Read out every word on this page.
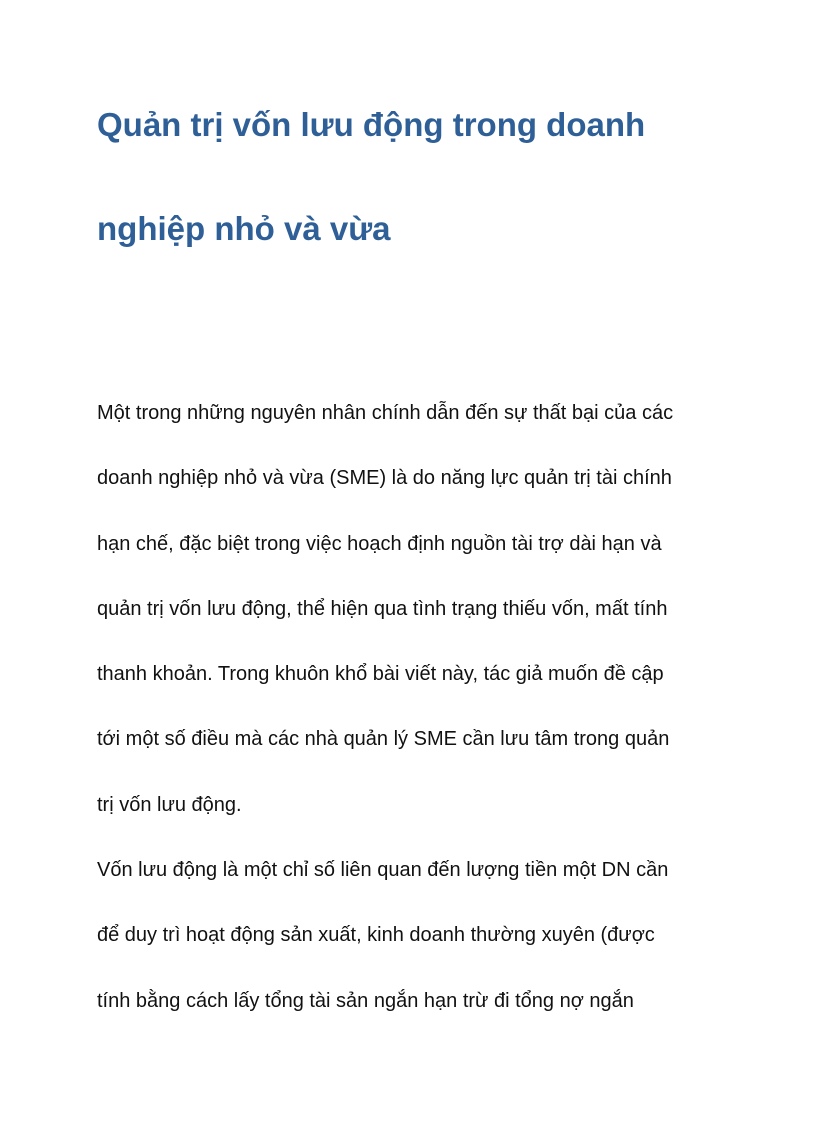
Quản trị vốn lưu động trong doanh
nghiệp nhỏ và vừa
Một trong những nguyên nhân chính dẫn đến sự thất bại của các
doanh nghiệp nhỏ và vừa (SME) là do năng lực quản trị tài chính
hạn chế, đặc biệt trong việc hoạch định nguồn tài trợ dài hạn và
quản trị vốn lưu động, thể hiện qua tình trạng thiếu vốn, mất tính
thanh khoản. Trong khuôn khổ bài viết này, tác giả muốn đề cập
tới một số điều mà các nhà quản lý SME cần lưu tâm trong quản
trị vốn lưu động.
Vốn lưu động là một chỉ số liên quan đến lượng tiền một DN cần
để duy trì hoạt động sản xuất, kinh doanh thường xuyên (được
tính bằng cách lấy tổng tài sản ngắn hạn trừ đi tổng nợ ngắn
